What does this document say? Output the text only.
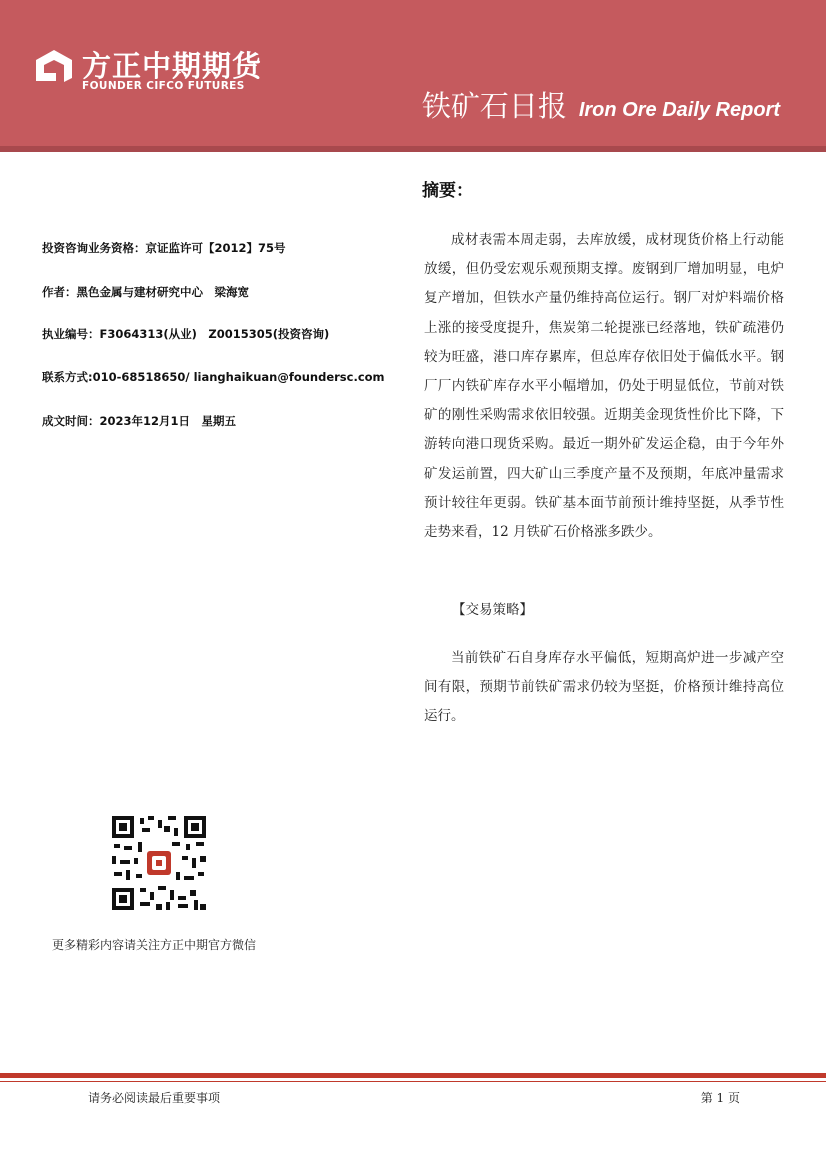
方正中期期货
FOUNDER CIFCO FUTURES
铁矿石日报 Iron Ore Daily Report
投资咨询业务资格：京证监许可【2012】75号
作者：黑色金属与建材研究中心　梁海宽
执业编号：F3064313(从业)　Z0015305(投资咨询)
联系方式:010-68518650/ lianghaikuan@foundersc.com
成文时间：2023年12月1日　星期五
摘要：

成材表需本周走弱，去库放缓，成材现货价格上行动能放缓，但仍受宏观乐观预期支撑。废钢到厂增加明显，电炉复产增加，但铁水产量仍维持高位运行。钢厂对炉料端价格上涨的接受度提升，焦炭第二轮提涨已经落地，铁矿疏港仍较为旺盛，港口库存累库，但总库存依旧处于偏低水平。钢厂厂内铁矿库存水平小幅增加，仍处于明显低位，节前对铁矿的刚性采购需求依旧较强。近期美金现货性价比下降，下游转向港口现货采购。最近一期外矿发运企稳，由于今年外矿发运前置，四大矿山三季度产量不及预期，年底冲量需求预计较往年更弱。铁矿基本面节前预计维持坚挺，从季节性走势来看，12 月铁矿石价格涨多跌少。

【交易策略】

当前铁矿石自身库存水平偏低，短期高炉进一步减产空间有限，预期节前铁矿需求仍较为坚挺，价格预计维持高位运行。

更多精彩内容请关注方正中期官方微信
请务必阅读最后重要事项	第 1 页
